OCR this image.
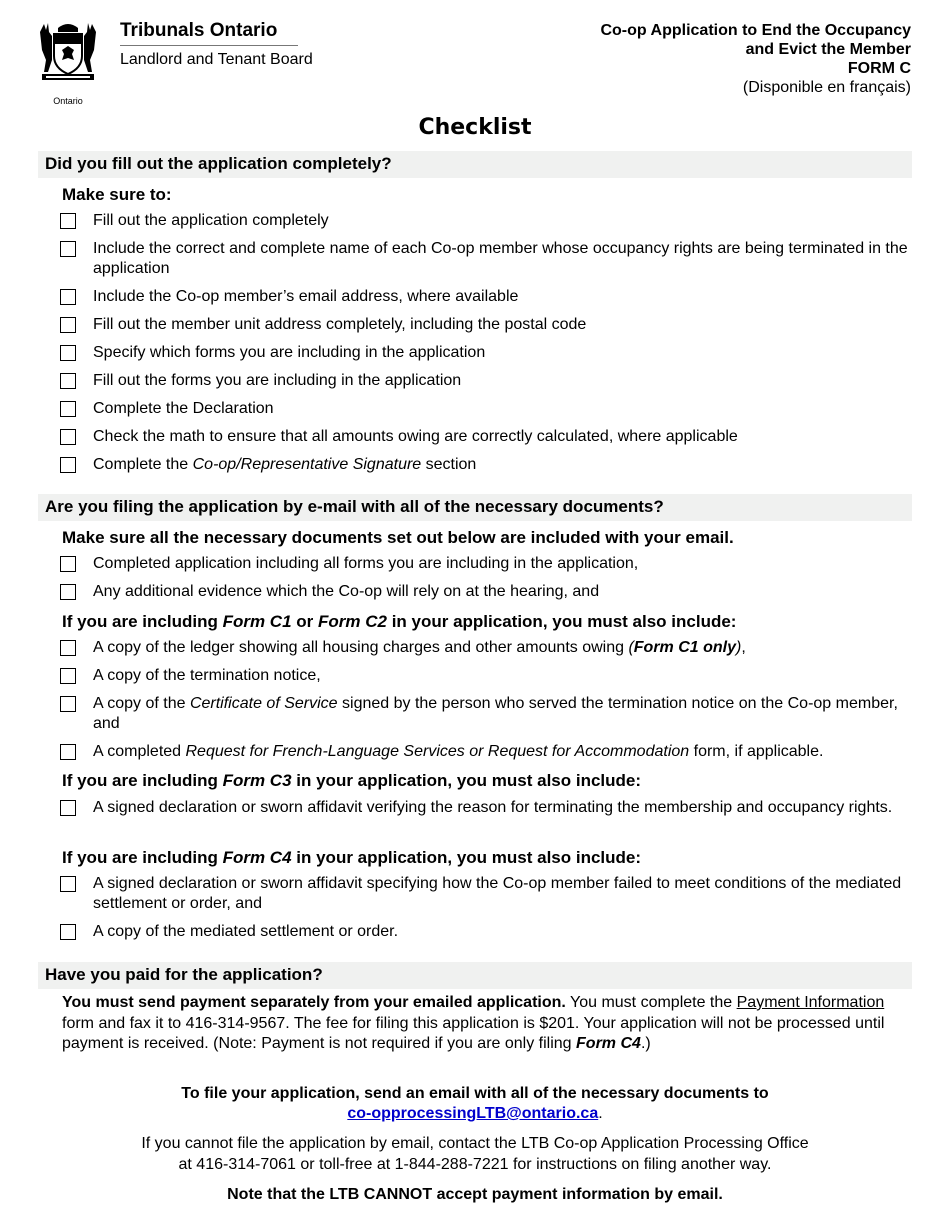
Ontario
Tribunals Ontario
Landlord and Tenant Board
Co-op Application to End the Occupancy
and Evict the Member
FORM C
(Disponible en français)
Checklist
Did you fill out the application completely?
Make sure to:
Fill out the application completely
Include the correct and complete name of each Co-op member whose occupancy rights are being terminated in the application
Include the Co-op member’s email address, where available
Fill out the member unit address completely, including the postal code
Specify which forms you are including in the application
Fill out the forms you are including in the application
Complete the Declaration
Check the math to ensure that all amounts owing are correctly calculated, where applicable
Complete the Co-op/Representative Signature section
Are you filing the application by e-mail with all of the necessary documents?
Make sure all the necessary documents set out below are included with your email.
Completed application including all forms you are including in the application,
Any additional evidence which the Co-op will rely on at the hearing, and
If you are including Form C1 or Form C2 in your application, you must also include:
A copy of the ledger showing all housing charges and other amounts owing (Form C1 only),
A copy of the termination notice,
A copy of the Certificate of Service signed by the person who served the termination notice on the Co-op member, and
A completed Request for French-Language Services or Request for Accommodation form, if applicable.
If you are including Form C3 in your application, you must also include:
A signed declaration or sworn affidavit verifying the reason for terminating the membership and occupancy rights.
If you are including Form C4 in your application, you must also include:
A signed declaration or sworn affidavit specifying how the Co-op member failed to meet conditions of the mediated settlement or order, and
A copy of the mediated settlement or order.
Have you paid for the application?
You must send payment separately from your emailed application. You must complete the Payment Information form and fax it to 416-314-9567. The fee for filing this application is $201. Your application will not be processed until payment is received. (Note: Payment is not required if you are only filing Form C4.)
To file your application, send an email with all of the necessary documents to
co-opprocessingLTB@ontario.ca.
If you cannot file the application by email, contact the LTB Co-op Application Processing Office
at 416-314-7061 or toll-free at 1-844-288-7221 for instructions on filing another way.
Note that the LTB CANNOT accept payment information by email.
